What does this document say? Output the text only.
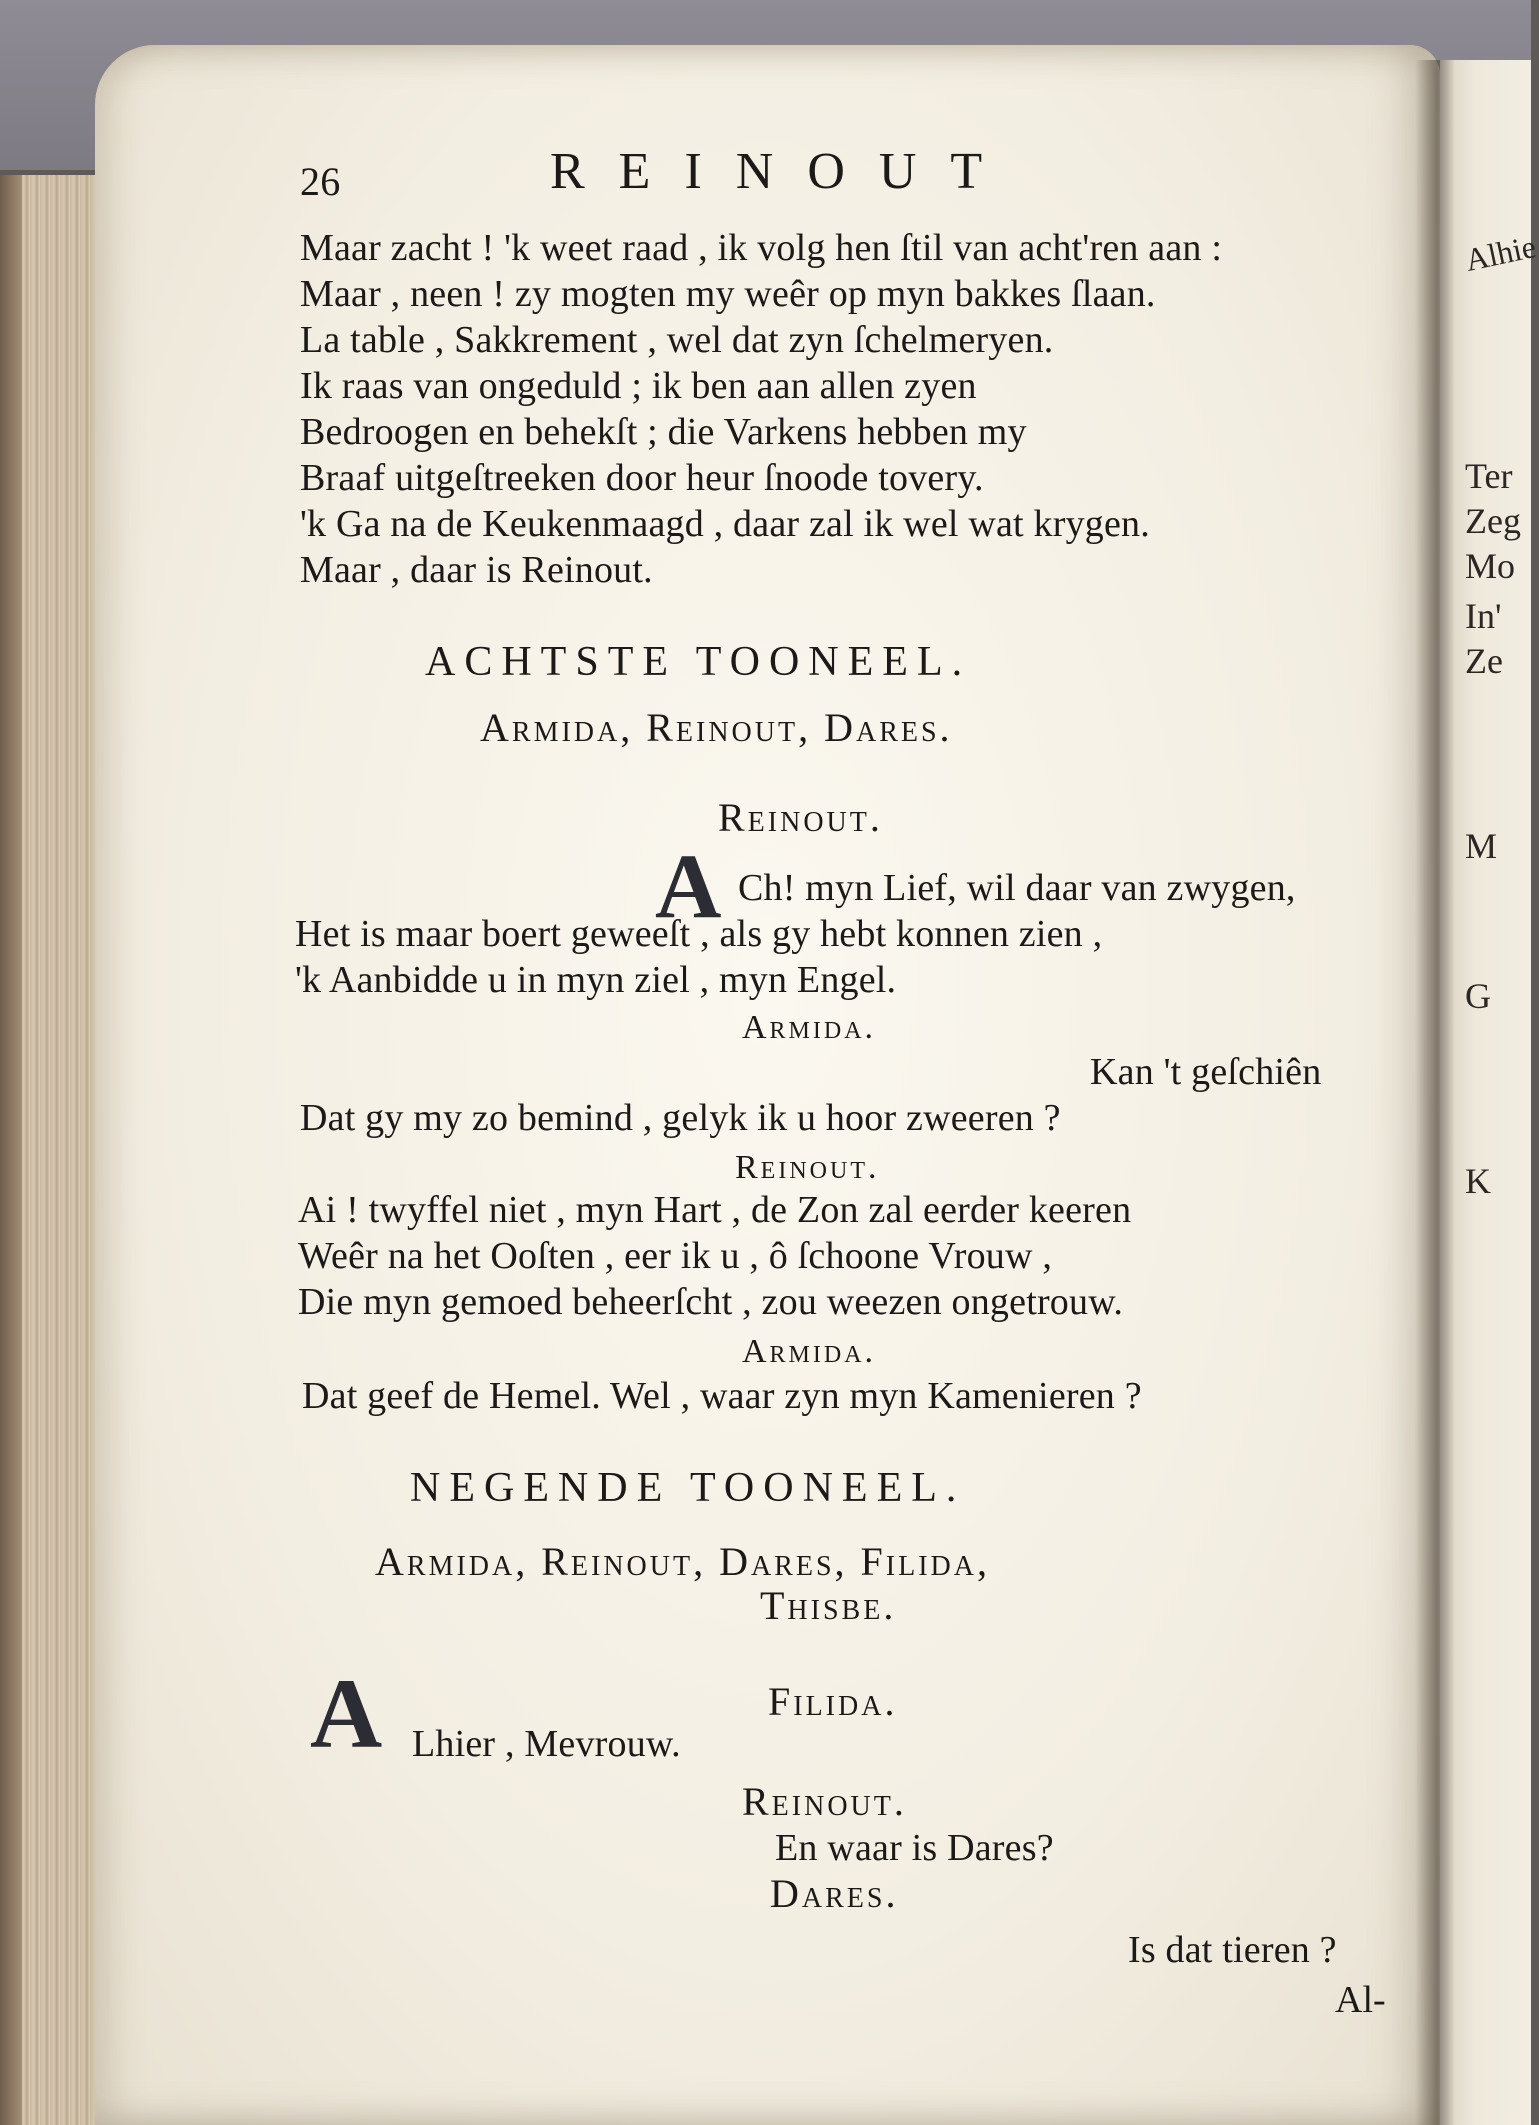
Alhie
Ter
Zeg
Mo
In'
Ze
M
G
K
26	REINOUT
Maar zacht ! 'k weet raad , ik volg hen ſtil van acht'ren aan :
Maar , neen ! zy mogten my weêr op myn bakkes ſlaan.
La table , Sakkrement , wel dat zyn ſchelmeryen.
Ik raas van ongeduld ; ik ben aan allen zyen
Bedroogen en behekſt ; die Varkens hebben my
Braaf uitgeſtreeken door heur ſnoode tovery.
'k Ga na de Keukenmaagd , daar zal ik wel wat krygen.
Maar , daar is Reinout.
ACHTSTE TOONEEL.
Armida, Reinout, Dares.
Reinout.
A Ch! myn Lief, wil daar van zwygen,
Het is maar boert geweeſt , als gy hebt konnen zien ,
'k Aanbidde u in myn ziel , myn Engel.
Armida.
Kan 't geſchiên
Dat gy my zo bemind , gelyk ik u hoor zweeren ?
Reinout.
Ai ! twyffel niet , myn Hart , de Zon zal eerder keeren
Weêr na het Ooſten , eer ik u , ô ſchoone Vrouw ,
Die myn gemoed beheerſcht , zou weezen ongetrouw.
Armida.
Dat geef de Hemel. Wel , waar zyn myn Kamenieren ?
NEGENDE TOONEEL.
Armida, Reinout, Dares, Filida,
Thisbe.
Filida.
A Lhier , Mevrouw.
Reinout.
En waar is Dares?
Dares.
Is dat tieren ?
Al-
